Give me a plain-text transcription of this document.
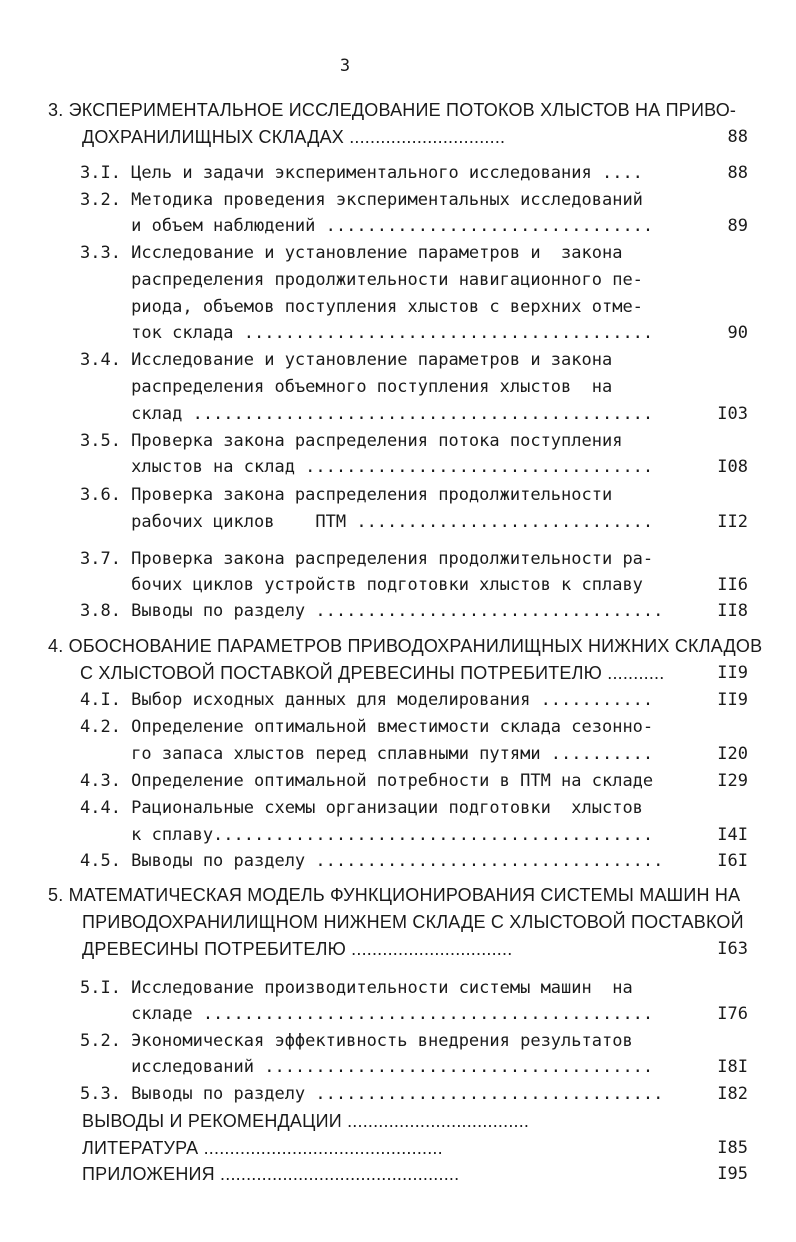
3
3. ЭКСПЕРИМЕНТАЛЬНОЕ ИССЛЕДОВАНИЕ ПОТОКОВ ХЛЫСТОВ НА ПРИВО-
ДОХРАНИЛИЩНЫХ СКЛАДАХ ..............................	88
3.I. Цель и задачи экспериментального исследования ....	88
3.2. Методика проведения экспериментальных исследований
и объем наблюдений ................................	89
3.3. Исследование и установление параметров и  закона
распределения продолжительности навигационного пе-
риода, объемов поступления хлыстов с верхних отме-
ток склада ........................................	90
3.4. Исследование и установление параметров и закона
распределения объемного поступления хлыстов  на
склад .............................................	I03
3.5. Проверка закона распределения потока поступления
хлыстов на склад ..................................	I08
3.6. Проверка закона распределения продолжительности
рабочих циклов    ПТМ .............................	II2
3.7. Проверка закона распределения продолжительности ра-
бочих циклов устройств подготовки хлыстов к сплаву	II6
3.8. Выводы по разделу ..................................	II8
4. ОБОСНОВАНИЕ ПАРАМЕТРОВ ПРИВОДОХРАНИЛИЩНЫХ НИЖНИХ СКЛАДОВ
С ХЛЫСТОВОЙ ПОСТАВКОЙ ДРЕВЕСИНЫ ПОТРЕБИТЕЛЮ ...........	II9
4.I. Выбор исходных данных для моделирования ...........	II9
4.2. Определение оптимальной вместимости склада сезонно-
го запаса хлыстов перед сплавными путями ..........	I20
4.3. Определение оптимальной потребности в ПТМ на складе	I29
4.4. Рациональные схемы организации подготовки  хлыстов
к сплаву...........................................	I4I
4.5. Выводы по разделу ..................................	I6I
5. МАТЕМАТИЧЕСКАЯ МОДЕЛЬ ФУНКЦИОНИРОВАНИЯ СИСТЕМЫ МАШИН НА
ПРИВОДОХРАНИЛИЩНОМ НИЖНЕМ СКЛАДЕ С ХЛЫСТОВОЙ ПОСТАВКОЙ
ДРЕВЕСИНЫ ПОТРЕБИТЕЛЮ ...............................	I63
5.I. Исследование производительности системы машин  на
складе ............................................	I76
5.2. Экономическая эффективность внедрения результатов
исследований ......................................	I8I
5.3. Выводы по разделу ..................................	I82
ВЫВОДЫ И РЕКОМЕНДАЦИИ ...................................
ЛИТЕРАТУРА ..............................................	I85
ПРИЛОЖЕНИЯ ..............................................	I95
